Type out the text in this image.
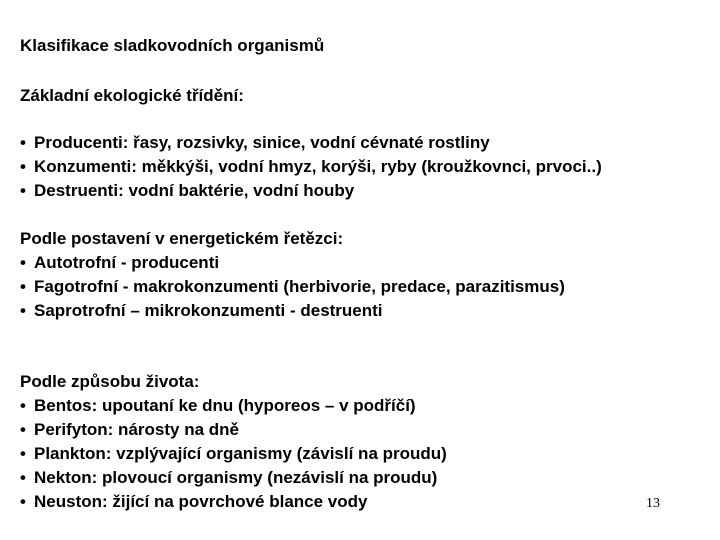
Klasifikace sladkovodních organismů
Základní ekologické třídění:
• Producenti: řasy, rozsivky, sinice, vodní cévnaté rostliny
• Konzumenti: měkkýši, vodní hmyz, korýši, ryby (kroužkovnci, prvoci..)
• Destruenti: vodní baktérie, vodní houby
Podle postavení v energetickém řetězci:
• Autotrofní - producenti
• Fagotrofní - makrokonzumenti (herbivorie, predace, parazitismus)
• Saprotrofní – mikrokonzumenti - destruenti
Podle způsobu života:
• Bentos: upoutaní ke dnu (hyporeos – v podříčí)
• Perifyton: nárosty na dně
• Plankton: vzplývající organismy (závislí na proudu)
• Nekton: plovoucí organismy (nezávislí na proudu)
• Neuston: žijící na povrchové blance vody	13
